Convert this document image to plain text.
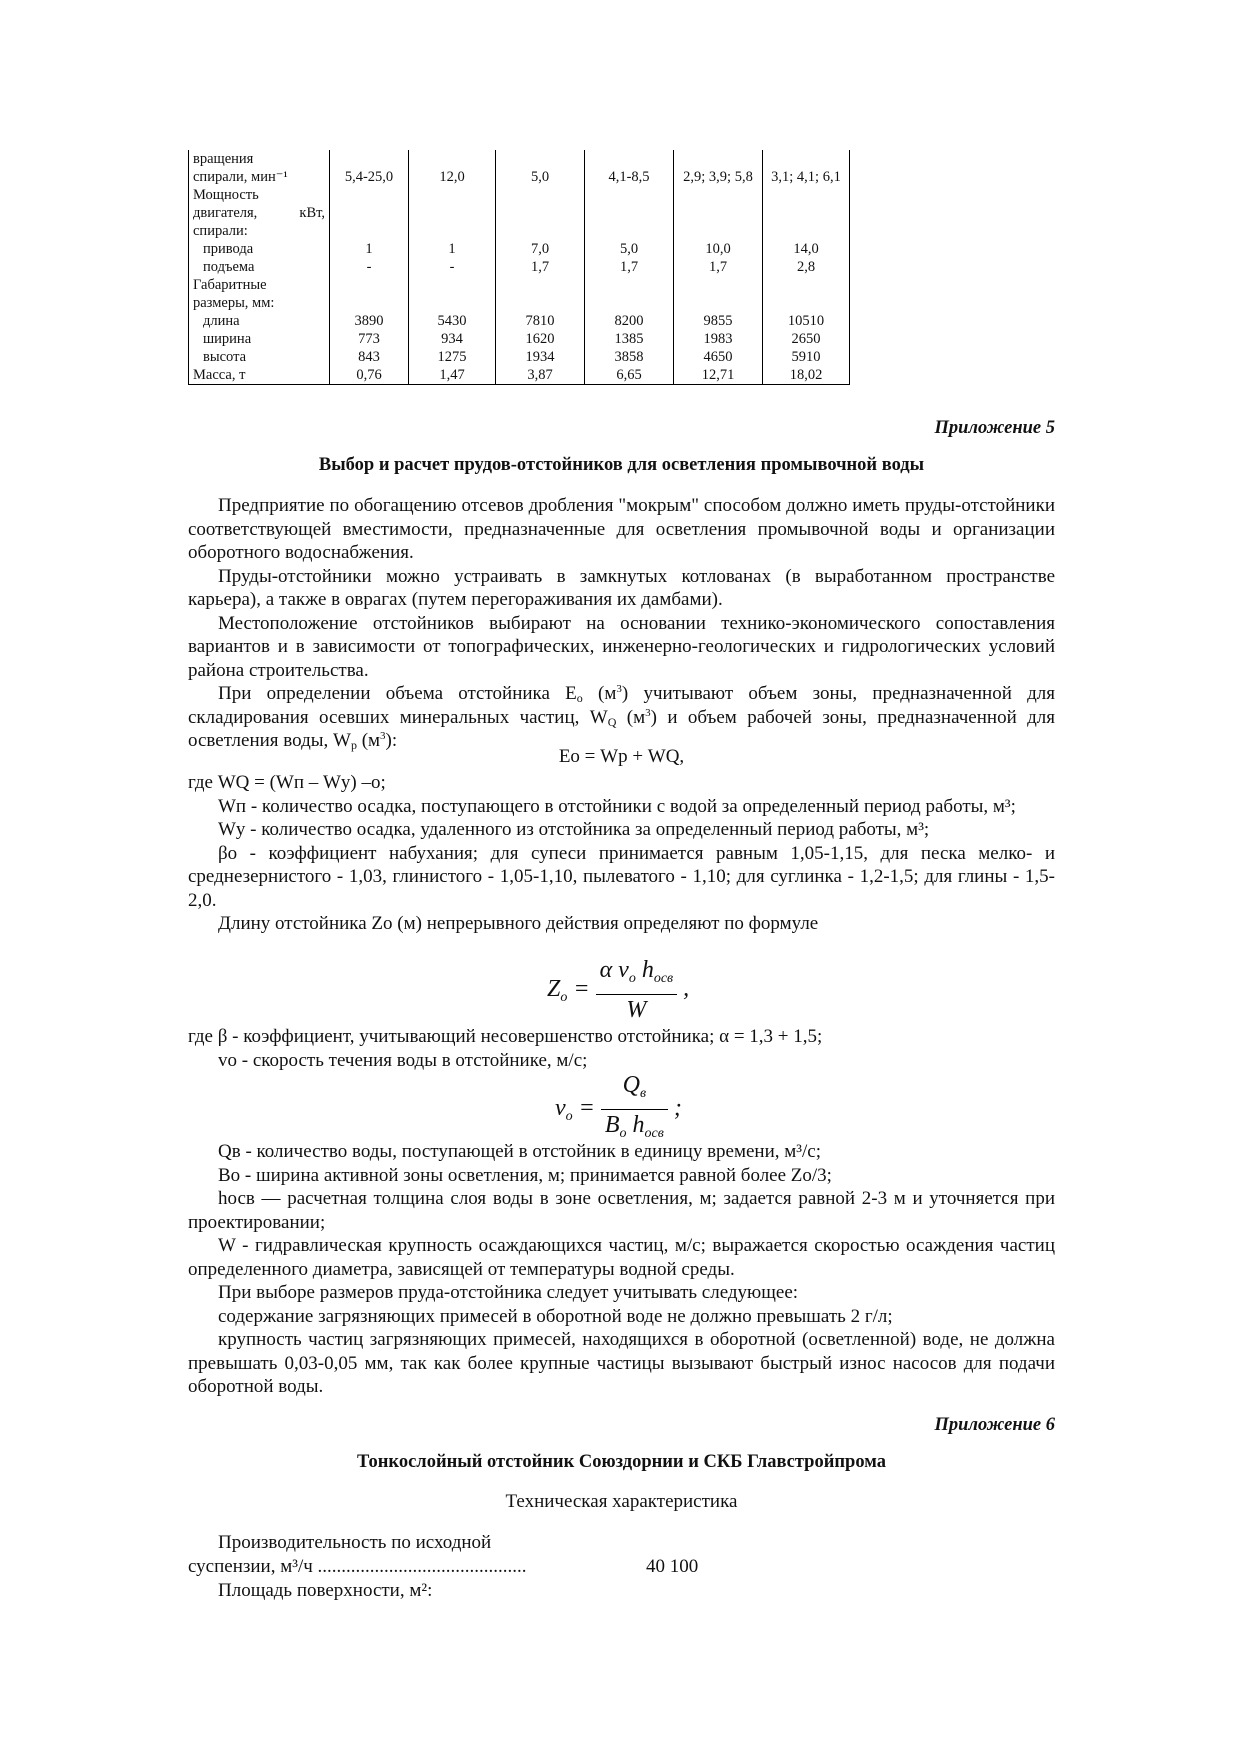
вращения						
спирали, мин⁻¹	5,4-25,0	12,0	5,0	4,1-8,5	2,9; 3,9; 5,8	3,1; 4,1; 6,1
Мощность						
двигателя, кВт,						
спирали:						
привода	1	1	7,0	5,0	10,0	14,0
подъема	-	-	1,7	1,7	1,7	2,8
Габаритные						
размеры, мм:						
длина	3890	5430	7810	8200	9855	10510
ширина	773	934	1620	1385	1983	2650
высота	843	1275	1934	3858	4650	5910
Масса, т	0,76	1,47	3,87	6,65	12,71	18,02
Приложение 5
Выбор и расчет прудов-отстойников для осветления промывочной воды

Предприятие по обогащению отсевов дробления "мокрым" способом должно иметь пруды-отстойники соответствующей вместимости, предназначенные для осветления промывочной воды и организации оборотного водоснабжения.

Пруды-отстойники можно устраивать в замкнутых котлованах (в выработанном пространстве карьера), а также в оврагах (путем перегораживания их дамбами).

Местоположение отстойников выбирают на основании технико-экономического сопоставления вариантов и в зависимости от топографических, инженерно-геологических и гидрологических условий района строительства.

При определении объема отстойника Eо $(м^3)$ учитывают объем зоны, предназначенной для складирования осевших минеральных частиц, WQ $(м^3)$ и объем рабочей зоны, предназначенной для осветления воды, Wр $(м^3)$:

Eо = Wр + WQ,

где WQ = (Wп – Wу) –о;

Wп - количество осадка, поступающего в отстойники с водой за определенный период работы, м³;

Wу - количество осадка, удаленного из отстойника за определенный период работы, м³;

βо - коэффициент набухания; для супеси принимается равным 1,05-1,15, для песка мелко- и среднезернистого - 1,03, глинистого - 1,05-1,10, пылеватого - 1,10; для суглинка - 1,2-1,5; для глины - 1,5-2,0.

Длину отстойника Zо (м) непрерывного действия определяют по формуле

$Z_o = \frac{\alpha v_o h_{осв}}{W}$ ,

где β - коэффициент, учитывающий несовершенство отстойника; α = 1,3 + 1,5;

vо - скорость течения воды в отстойнике, м/с;

$v_o = \frac{Q_в}{B_o h_{осв}}$ ;

Qв - количество воды, поступающей в отстойник в единицу времени, м³/с;

Bо - ширина активной зоны осветления, м; принимается равной более Zо/3;

hосв — расчетная толщина слоя воды в зоне осветления, м; задается равной 2-3 м и уточняется при проектировании;

W - гидравлическая крупность осаждающихся частиц, м/с; выражается скоростью осаждения частиц определенного диаметра, зависящей от температуры водной среды.

При выборе размеров пруда-отстойника следует учитывать следующее:

содержание загрязняющих примесей в оборотной воде не должно превышать 2 г/л;

крупность частиц загрязняющих примесей, находящихся в оборотной (осветленной) воде, не должна превышать 0,03-0,05 мм, так как более крупные частицы вызывают быстрый износ насосов для подачи оборотной воды.

Приложение 6
Тонкослойный отстойник Союздорнии и СКБ Главстройпрома
Техническая характеристика
Производительность по исходной
суспензии, м³/ч ............................................	40 100
Площадь поверхности, м²:
